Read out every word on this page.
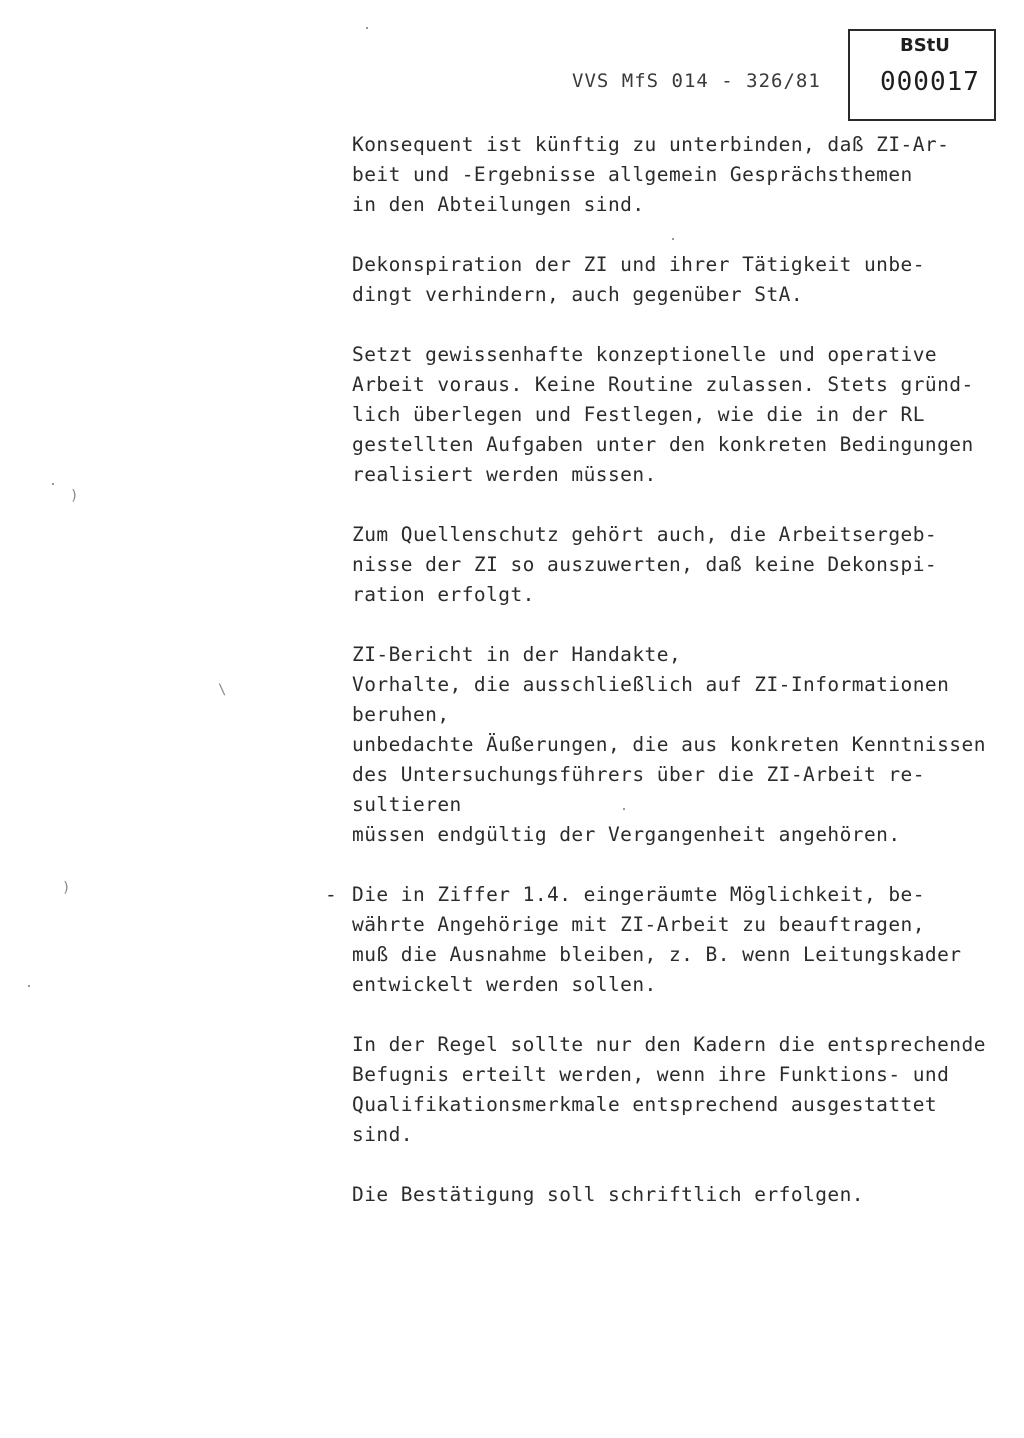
VVS MfS 014 - 326/81
BStU
000017

Konsequent ist künftig zu unterbinden, daß ZI-Ar-
beit und -Ergebnisse allgemein Gesprächsthemen
in den Abteilungen sind.

Dekonspiration der ZI und ihrer Tätigkeit unbe-
dingt verhindern, auch gegenüber StA.

Setzt gewissenhafte konzeptionelle und operative
Arbeit voraus. Keine Routine zulassen. Stets gründ-
lich überlegen und Festlegen, wie die in der RL
gestellten Aufgaben unter den konkreten Bedingungen
realisiert werden müssen.

Zum Quellenschutz gehört auch, die Arbeitsergeb-
nisse der ZI so auszuwerten, daß keine Dekonspi-
ration erfolgt.

ZI-Bericht in der Handakte,
Vorhalte, die ausschließlich auf ZI-Informationen
beruhen,
unbedachte Äußerungen, die aus konkreten Kenntnissen
des Untersuchungsführers über die ZI-Arbeit re-
sultieren
müssen endgültig der Vergangenheit angehören.

Die in Ziffer 1.4. eingeräumte Möglichkeit, be-
währte Angehörige mit ZI-Arbeit zu beauftragen,
muß die Ausnahme bleiben, z. B. wenn Leitungskader
entwickelt werden sollen.

In der Regel sollte nur den Kadern die entsprechende
Befugnis erteilt werden, wenn ihre Funktions- und
Qualifikationsmerkmale entsprechend ausgestattet
sind.

Die Bestätigung soll schriftlich erfolgen.

-
)
\
)
